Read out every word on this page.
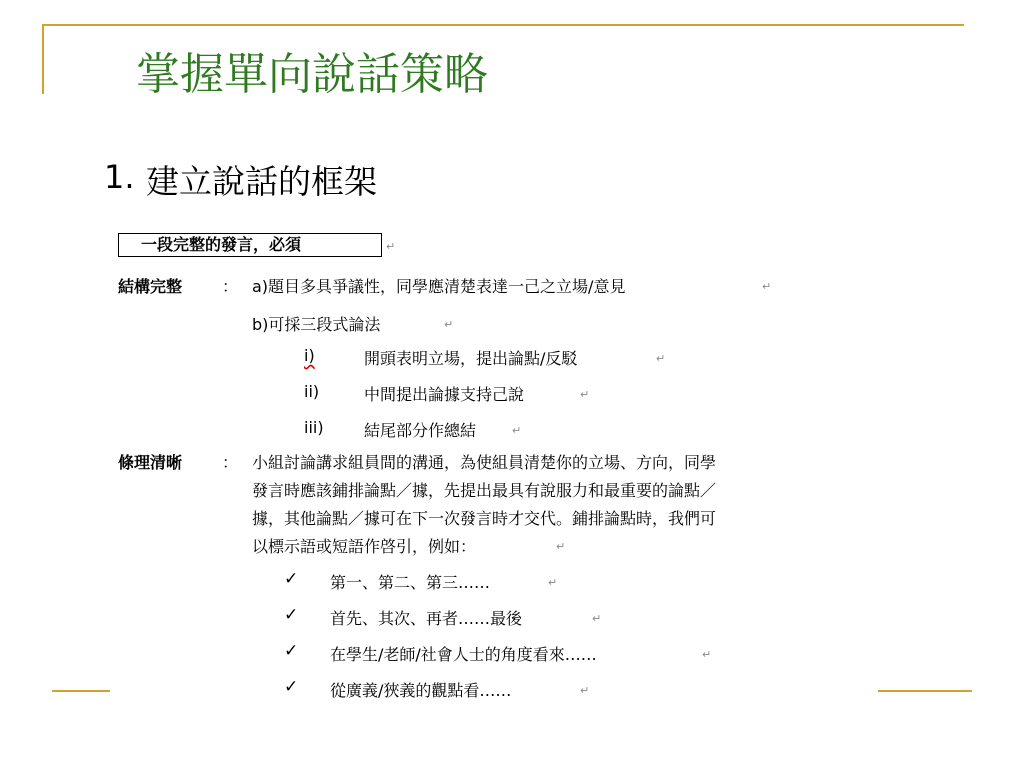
掌握單向說話策略
1. 建立說話的框架
一段完整的發言，必須	↵
結構完整 ： a)題目多具爭議性，同學應清楚表達一己之立場/意見	↵
b)可採三段式論法	↵
i)	開頭表明立場，提出論點/反駁	↵
ii)	中間提出論據支持己說	↵
iii)	結尾部分作總結	↵
條理清晰 ： 小組討論講求組員間的溝通，為使組員清楚你的立場、方向，同學
發言時應該鋪排論點／據，先提出最具有說服力和最重要的論點／
據，其他論點／據可在下一次發言時才交代。鋪排論點時，我們可
以標示語或短語作啓引，例如：	↵
✓ 第一、第二、第三……	↵
✓ 首先、其次、再者……最後	↵
✓ 在學生/老師/社會人士的角度看來……	↵
✓ 從廣義/狹義的觀點看……	↵
